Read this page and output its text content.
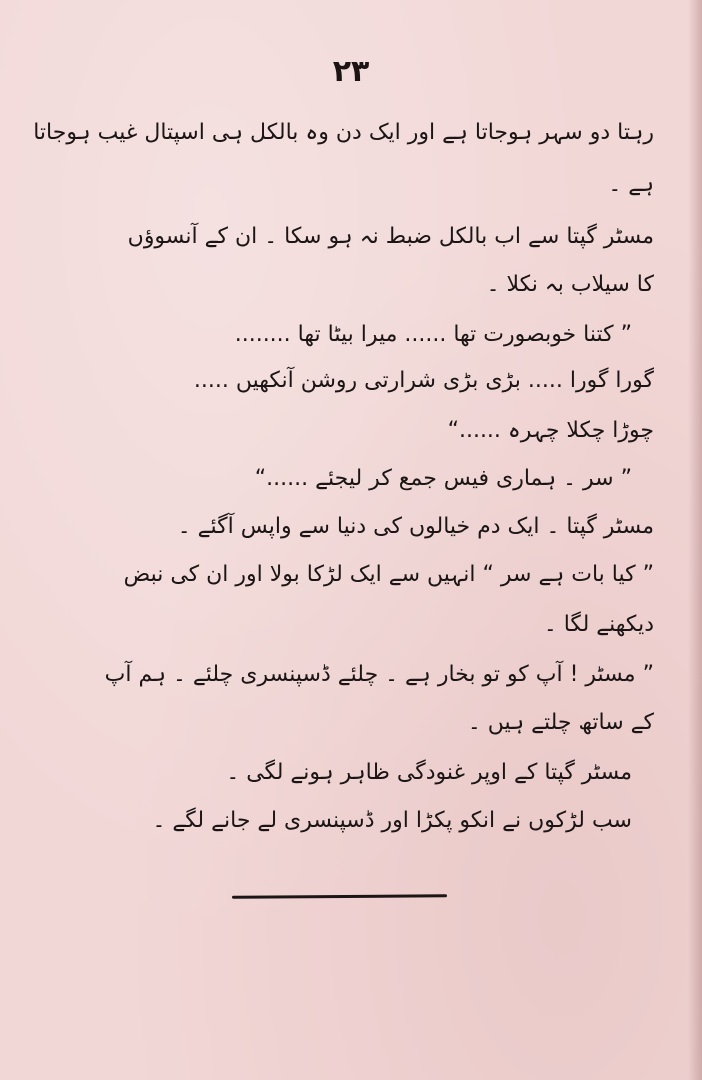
٢٣
رہتا دو سہر ہوجاتا ہے اور ایک دن وہ بالکل ہی اسپتال غیب ہوجاتا
ہے ۔
مسٹر گپتا سے اب بالکل ضبط نہ ہو سکا ۔ ان کے آنسوؤں
کا سیلاب بہ نکلا ۔
” کتنا خوبصورت تھا ...... میرا بیٹا تھا ........
گورا گورا ..... بڑی بڑی شرارتی روشن آنکھیں .....
چوڑا چکلا چہرہ ......“
” سر ۔ ہماری فیس جمع کر لیجئے ......“
مسٹر گپتا ۔ ایک دم خیالوں کی دنیا سے واپس آگئے ۔
” کیا بات ہے سر “ انہیں سے ایک لڑکا بولا اور ان کی نبض
دیکھنے لگا ۔
” مسٹر ! آپ کو تو بخار ہے ۔ چلئے ڈسپنسری چلئے ۔ ہم آپ
کے ساتھ چلتے ہیں ۔
مسٹر گپتا کے اوپر غنودگی ظاہر ہونے لگی ۔
سب لڑکوں نے انکو پکڑا اور ڈسپنسری لے جانے لگے ۔
